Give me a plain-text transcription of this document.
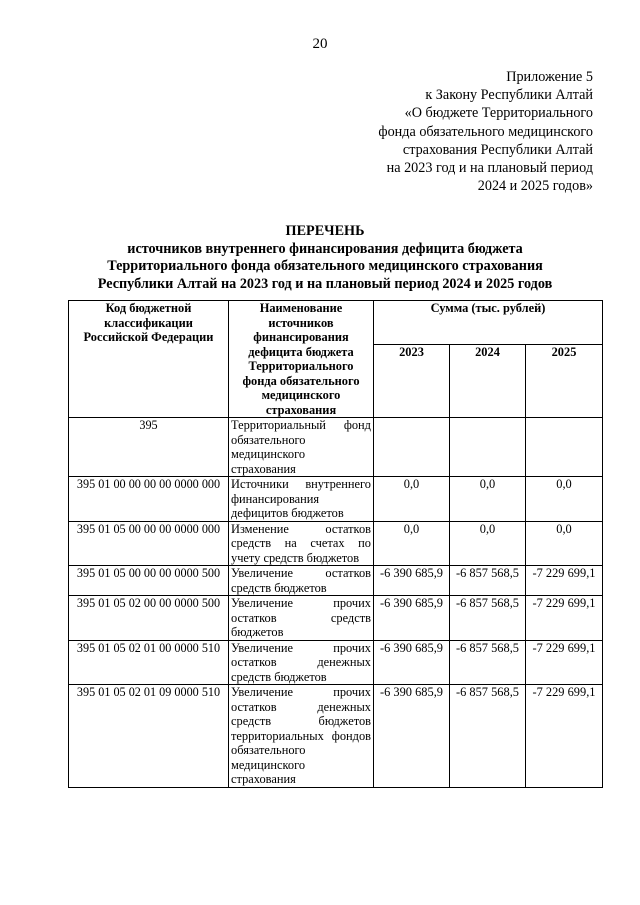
20
Приложение 5
к Закону Республики Алтай
«О бюджете Территориального
фонда обязательного медицинского
страхования Республики Алтай
на 2023 год и на плановый период
2024 и 2025 годов»
ПЕРЕЧЕНЬ
источников внутреннего финансирования дефицита бюджета
Территориального фонда обязательного медицинского страхования
Республики Алтай на 2023 год и на плановый период 2024 и 2025 годов
Код бюджетной классификации Российской Федерации	Наименование источников финансирования дефицита бюджета Территориального фонда обязательного медицинского страхования	Сумма (тыс. рублей)		
		2023	2024	2025
395	Территориальный фонд обязательного медицинского страхования			
395 01 00 00 00 00 0000 000	Источники внутреннего финансирования дефицитов бюджетов	0,0	0,0	0,0
395 01 05 00 00 00 0000 000	Изменение остатков средств на счетах по учету средств бюджетов	0,0	0,0	0,0
395 01 05 00 00 00 0000 500	Увеличение остатков средств бюджетов	-6 390 685,9	-6 857 568,5	-7 229 699,1
395 01 05 02 00 00 0000 500	Увеличение прочих остатков средств бюджетов	-6 390 685,9	-6 857 568,5	-7 229 699,1
395 01 05 02 01 00 0000 510	Увеличение прочих остатков денежных средств бюджетов	-6 390 685,9	-6 857 568,5	-7 229 699,1
395 01 05 02 01 09 0000 510	Увеличение прочих остатков денежных средств бюджетов территориальных фондов обязательного медицинского страхования	-6 390 685,9	-6 857 568,5	-7 229 699,1
